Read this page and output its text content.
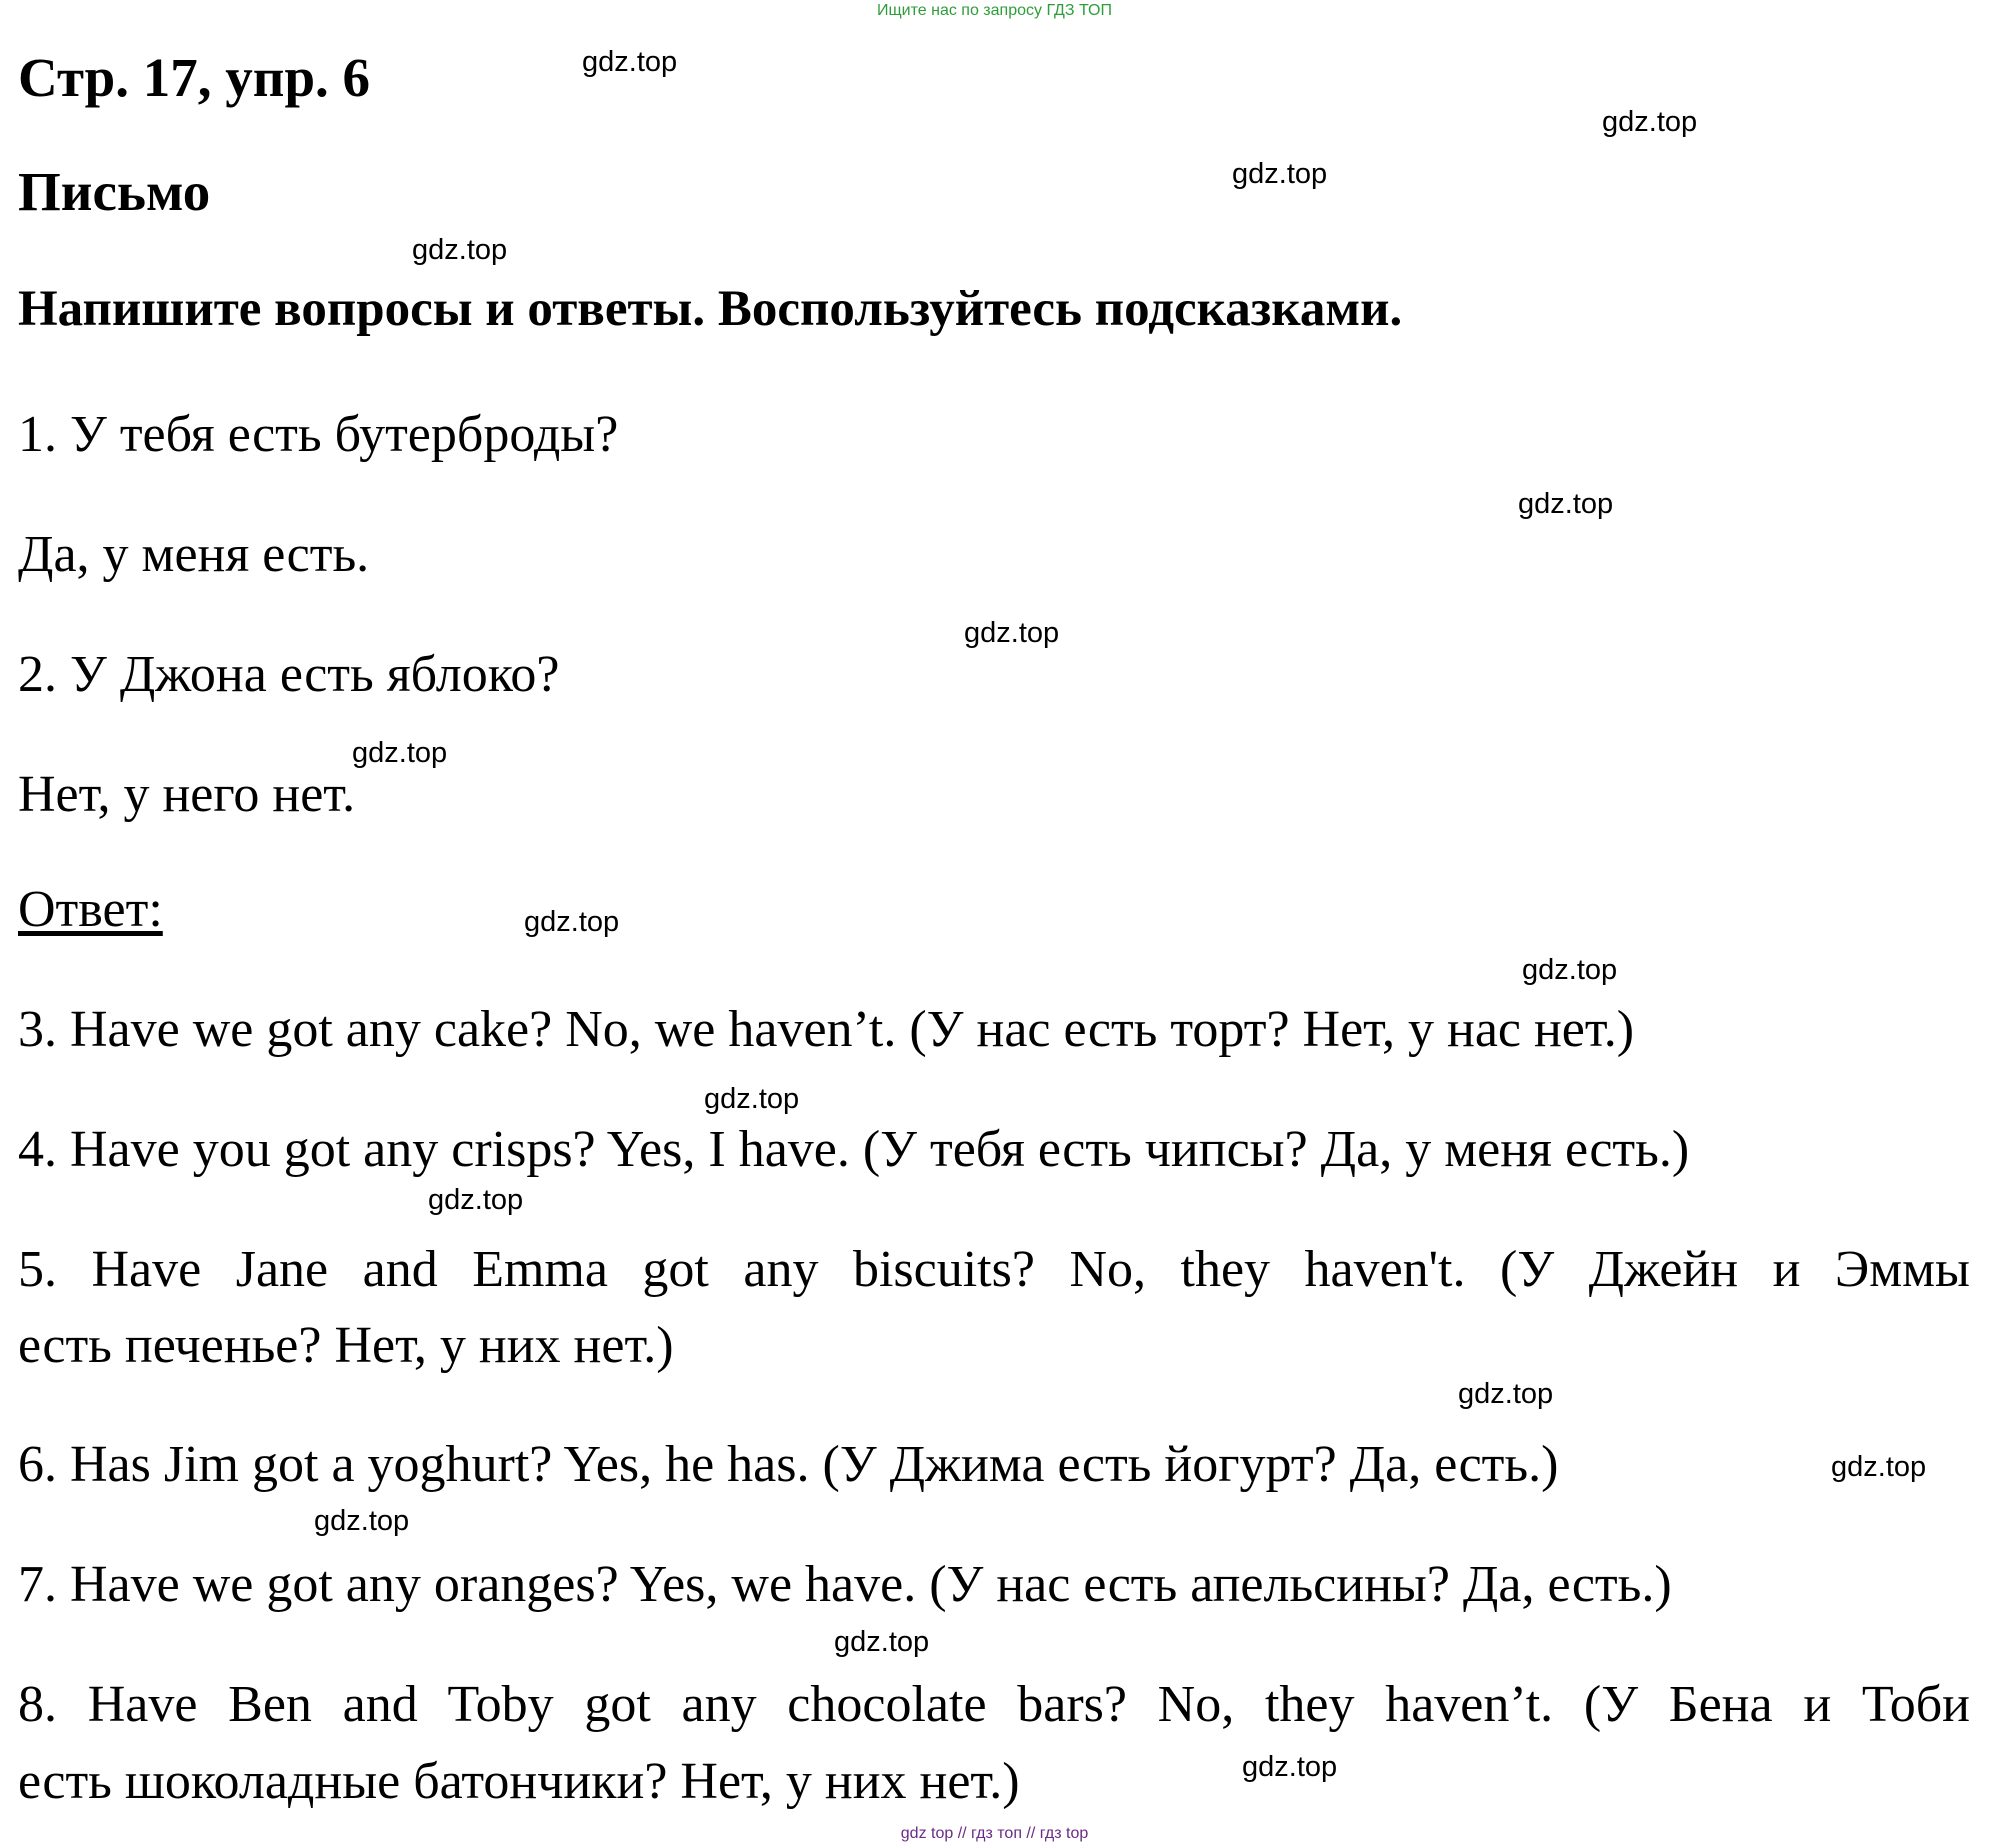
Ищите нас по запросу ГДЗ ТОП
Стр. 17, упр. 6
Письмо
Напишите вопросы и ответы. Воспользуйтесь подсказками.
1. У тебя есть бутерброды?
Да, у меня есть.
2. У Джона есть яблоко?
Нет, у него нет.
Ответ:
3. Have we got any cake? No, we haven’t. (У нас есть торт? Нет, у нас нет.)
4. Have you got any crisps? Yes, I have. (У тебя есть чипсы? Да, у меня есть.)
5. Have Jane and Emma got any biscuits? No, they haven't. (У Джейн и Эммы
есть печенье? Нет, у них нет.)
6. Has Jim got a yoghurt? Yes, he has. (У Джима есть йогурт? Да, есть.)
7. Have we got any oranges? Yes, we have. (У нас есть апельсины? Да, есть.)
8. Have Ben and Toby got any chocolate bars? No, they haven’t. (У Бена и Тоби
есть шоколадные батончики? Нет, у них нет.)
gdz.top
gdz.top
gdz.top
gdz.top
gdz.top
gdz.top
gdz.top
gdz.top
gdz.top
gdz.top
gdz.top
gdz.top
gdz.top
gdz.top
gdz.top
gdz.top
gdz top // гдз топ // гдз top
